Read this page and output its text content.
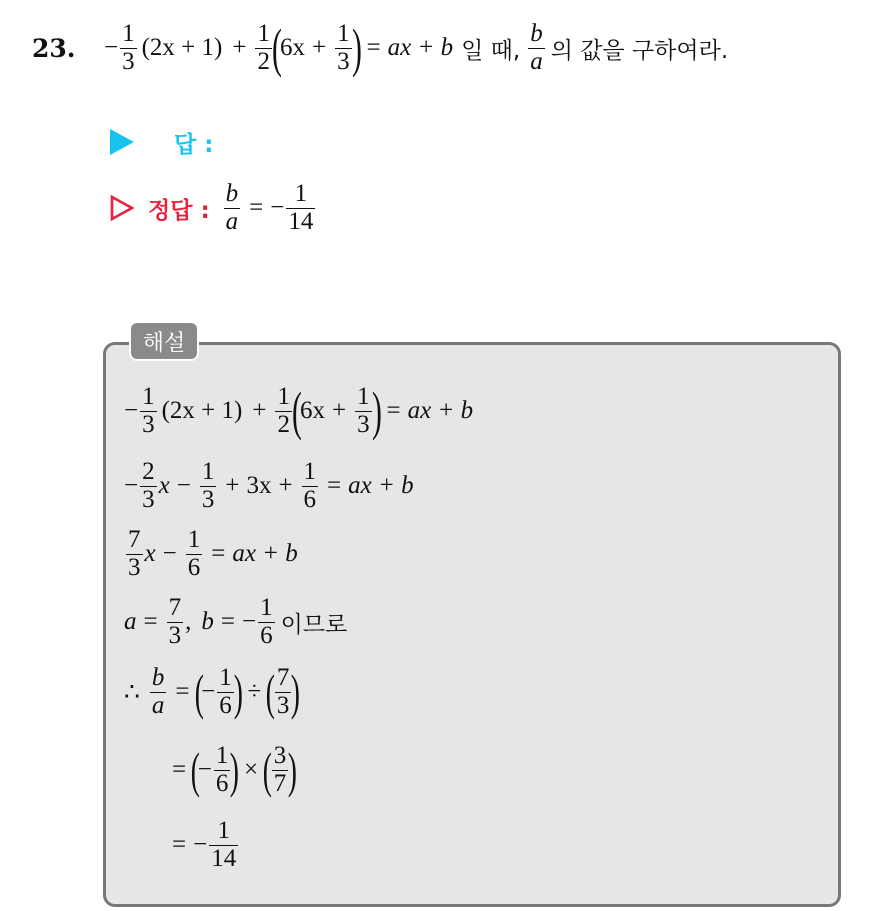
23. − $\frac{1}{3} (2x + 1) + \frac{1}{2}$ (
$6x + \frac{1}{3}$ ) = ax + b 일 때, $\frac{b}{a}$ 의 값을 구하여라.
답 :
정답 : $\frac{b}{a}$ = − $\frac{1}{14}$
해설
− $\frac{1}{3} (2x + 1) + \frac{1}{2}$ (
$6x + \frac{1}{3}$ ) = ax + b
− $\frac{2}{3}$ $x - \frac{1}{3} + 3x + \frac{1}{6}$ = ax + b
$\frac{7}{3}$ $x - \frac{1}{6}$ = ax + b
$a = \frac{7}{3}$ , b = − $\frac{1}{6}$ 이므로
∴ $\frac{b}{a}$ = (
− $\frac{1}{6}$ ) ÷ ( $\frac{7}{3}$ )
= (
− $\frac{1}{6}$ ) × ( $\frac{3}{7}$ )
= − $\frac{1}{14}$
